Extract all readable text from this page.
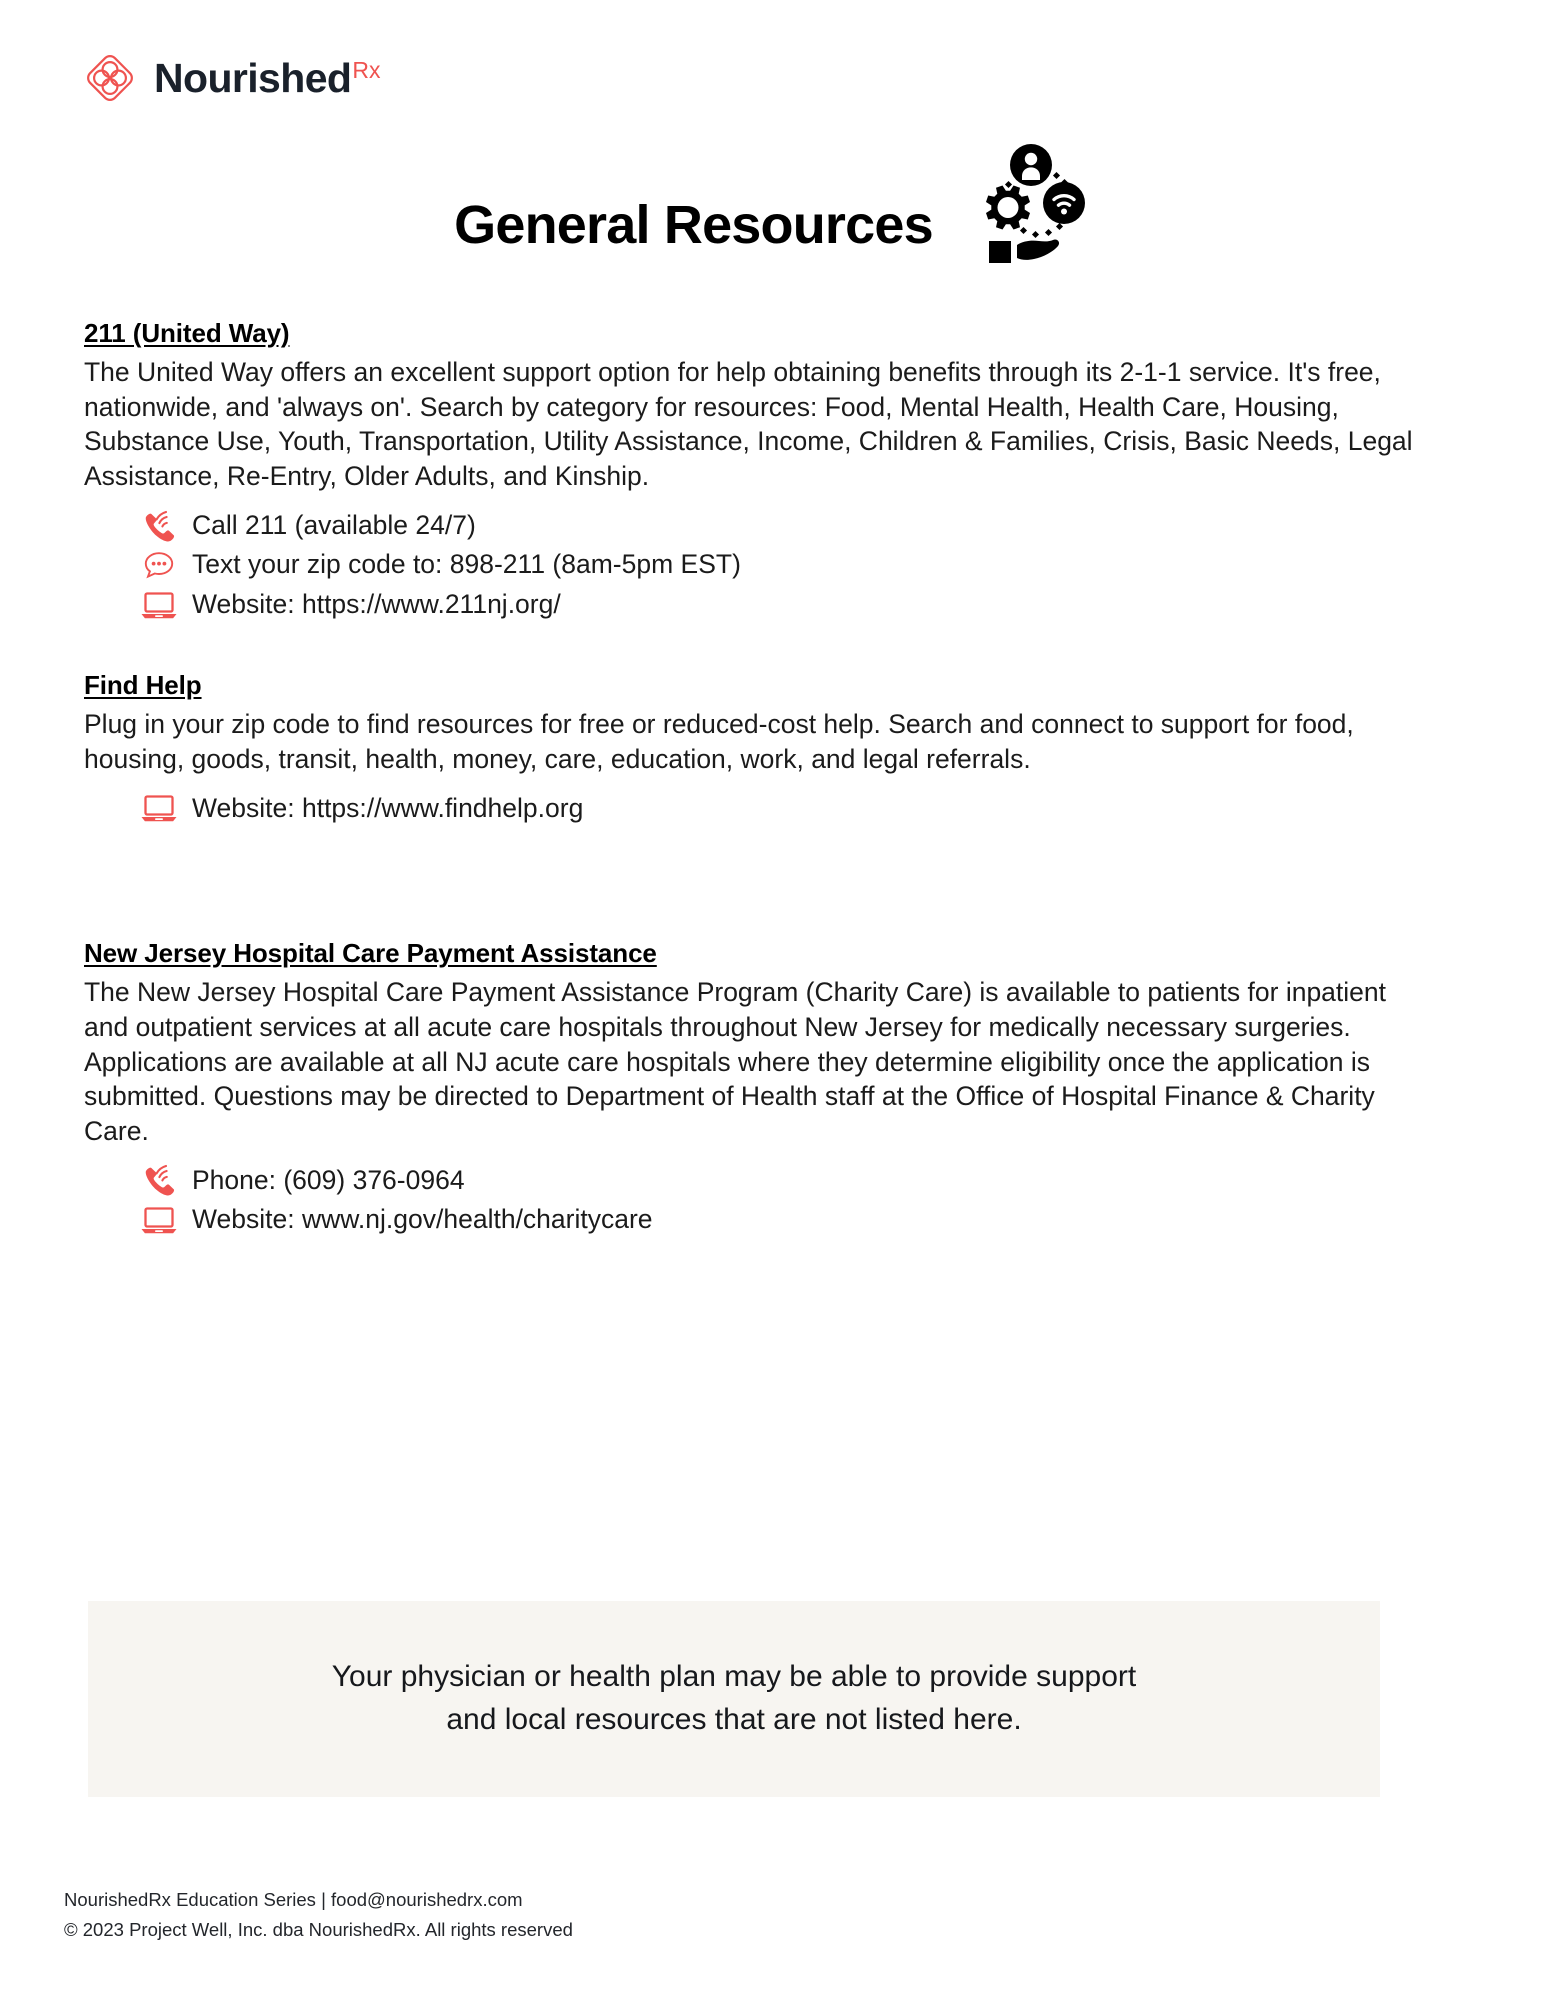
Nourished Rx
General Resources
211 (United Way)

The United Way offers an excellent support option for help obtaining benefits through its 2-1-1 service. It's free, nationwide, and 'always on'. Search by category for resources: Food, Mental Health, Health Care, Housing, Substance Use, Youth, Transportation, Utility Assistance, Income, Children & Families, Crisis, Basic Needs, Legal Assistance, Re-Entry, Older Adults, and Kinship.

Call 211 (available 24/7)
Text your zip code to: 898-211 (8am-5pm EST)
Website: https://www.211nj.org/
Find Help

Plug in your zip code to find resources for free or reduced-cost help. Search and connect to support for food, housing, goods, transit, health, money, care, education, work, and legal referrals.

Website: https://www.findhelp.org
New Jersey Hospital Care Payment Assistance

The New Jersey Hospital Care Payment Assistance Program (Charity Care) is available to patients for inpatient and outpatient services at all acute care hospitals throughout New Jersey for medically necessary surgeries. Applications are available at all NJ acute care hospitals where they determine eligibility once the application is submitted. Questions may be directed to Department of Health staff at the Office of Hospital Finance & Charity Care.

Phone: (609) 376-0964
Website: www.nj.gov/health/charitycare
Your physician or health plan may be able to provide support
and local resources that are not listed here.
NourishedRx Education Series | food@nourishedrx.com
© 2023 Project Well, Inc. dba NourishedRx. All rights reserved
